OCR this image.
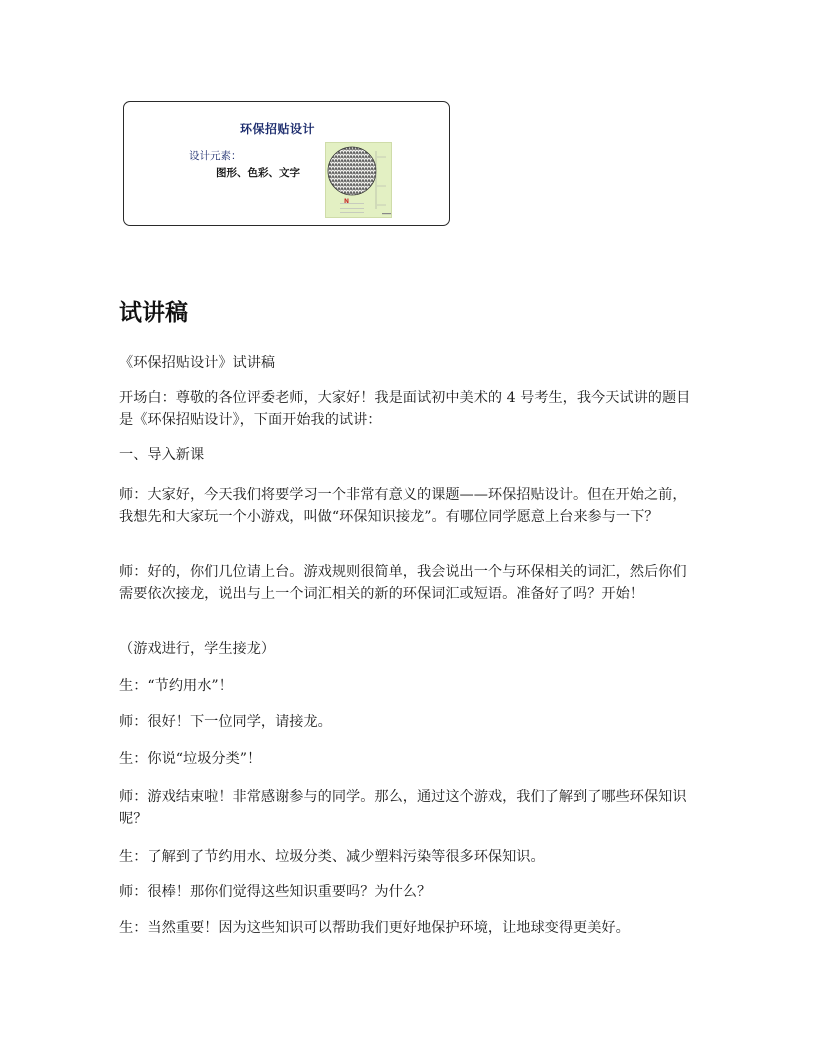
环保招贴设计
设计元素：
图形、色彩、文字
N
试讲稿

《环保招贴设计》试讲稿

开场白：尊敬的各位评委老师，大家好！我是面试初中美术的 4 号考生，我今天试讲的题目是《环保招贴设计》，下面开始我的试讲：

一、导入新课

师：大家好，今天我们将要学习一个非常有意义的课题——环保招贴设计。但在开始之前，我想先和大家玩一个小游戏，叫做“环保知识接龙”。有哪位同学愿意上台来参与一下？

师：好的，你们几位请上台。游戏规则很简单，我会说出一个与环保相关的词汇，然后你们需要依次接龙，说出与上一个词汇相关的新的环保词汇或短语。准备好了吗？开始！

（游戏进行，学生接龙）

生：“节约用水”！

师：很好！下一位同学，请接龙。

生：你说“垃圾分类”！

师：游戏结束啦！非常感谢参与的同学。那么，通过这个游戏，我们了解到了哪些环保知识呢？

生：了解到了节约用水、垃圾分类、减少塑料污染等很多环保知识。

师：很棒！那你们觉得这些知识重要吗？为什么？

生：当然重要！因为这些知识可以帮助我们更好地保护环境，让地球变得更美好。
